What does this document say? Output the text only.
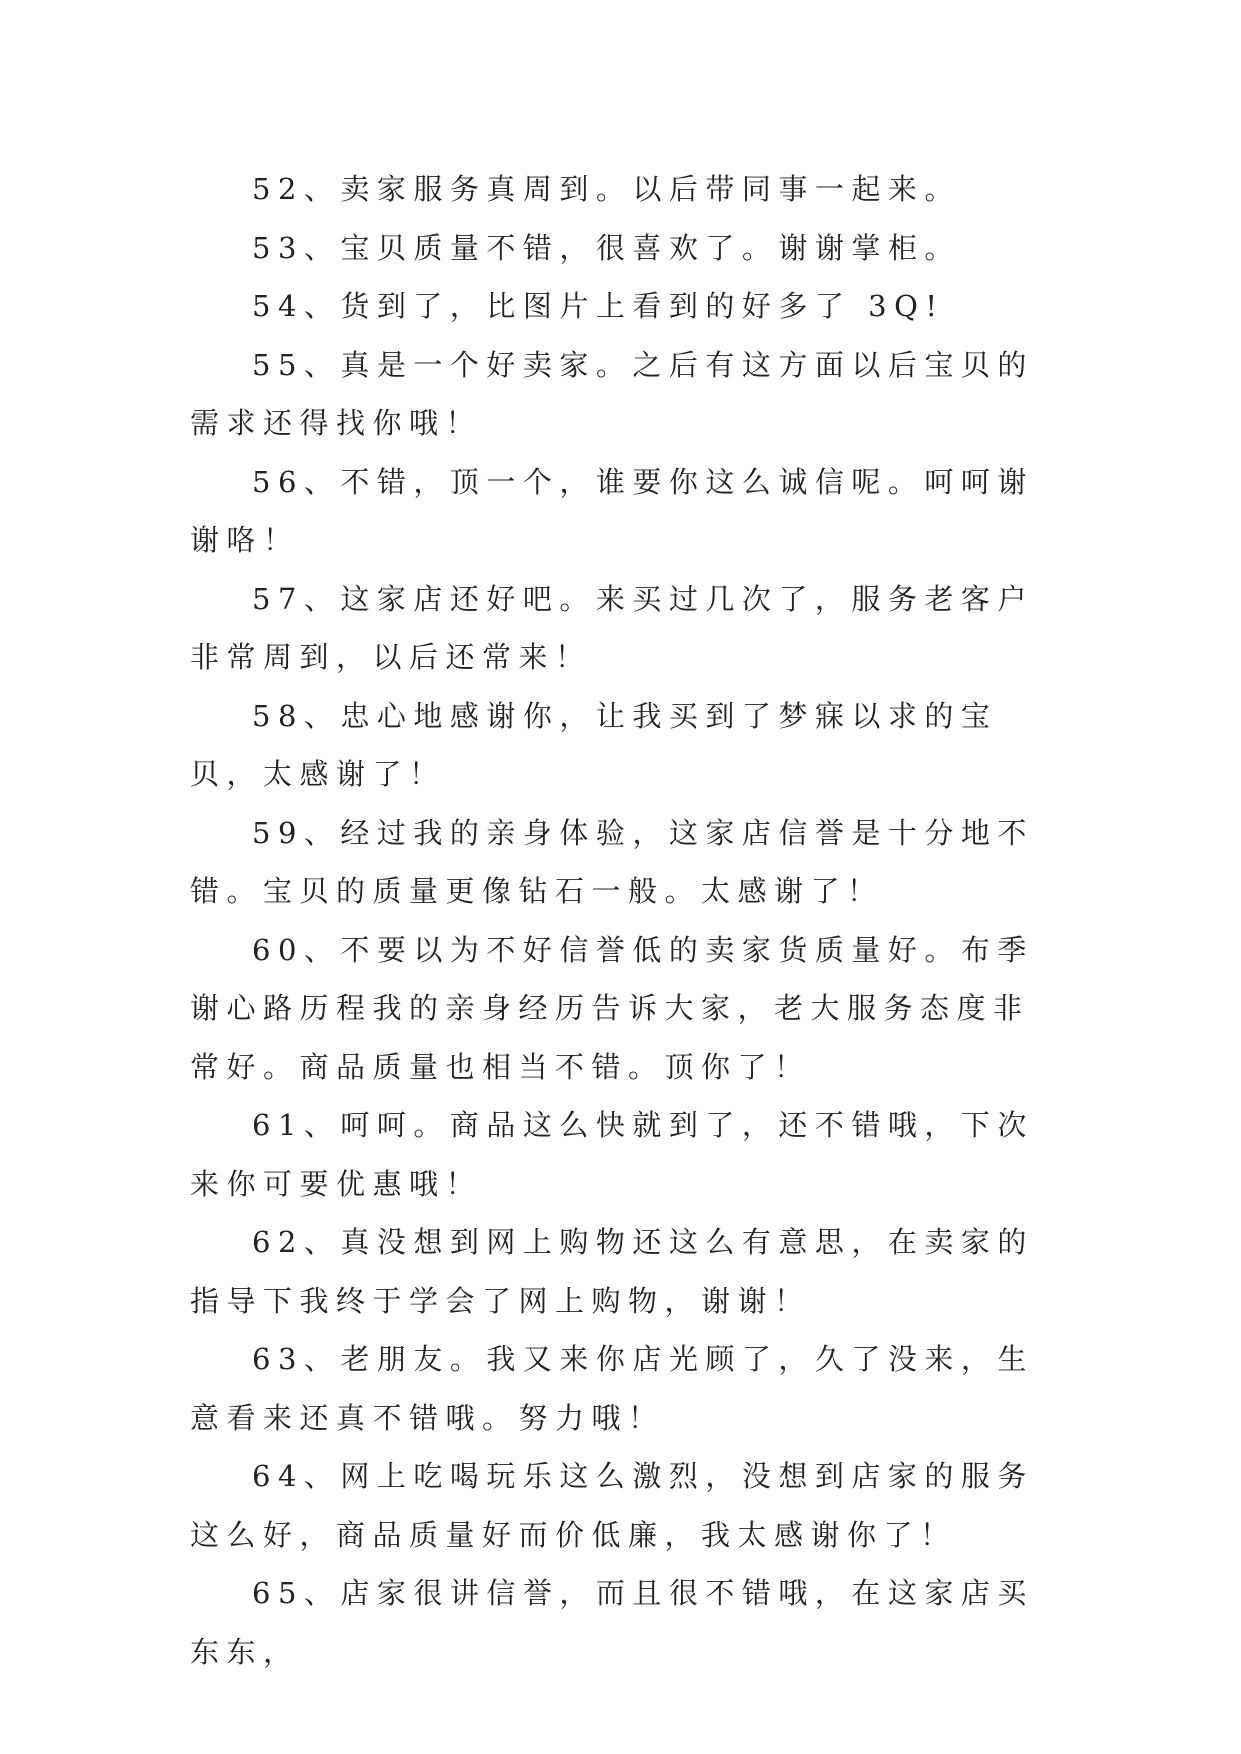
52、卖家服务真周到。以后带同事一起来。

53、宝贝质量不错，很喜欢了。谢谢掌柜。

54、货到了，比图片上看到的好多了 3Q!

55、真是一个好卖家。之后有这方面以后宝贝的需求还得找你哦！

56、不错，顶一个，谁要你这么诚信呢。呵呵谢谢咯！

57、这家店还好吧。来买过几次了，服务老客户非常周到，以后还常来！

58、忠心地感谢你，让我买到了梦寐以求的宝贝，太感谢了！

59、经过我的亲身体验，这家店信誉是十分地不错。宝贝的质量更像钻石一般。太感谢了！

60、不要以为不好信誉低的卖家货质量好。布季谢心路历程我的亲身经历告诉大家，老大服务态度非常好。商品质量也相当不错。顶你了！

61、呵呵。商品这么快就到了，还不错哦，下次来你可要优惠哦！

62、真没想到网上购物还这么有意思，在卖家的指导下我终于学会了网上购物，谢谢！

63、老朋友。我又来你店光顾了，久了没来，生意看来还真不错哦。努力哦！

64、网上吃喝玩乐这么激烈，没想到店家的服务这么好，商品质量好而价低廉，我太感谢你了！

65、店家很讲信誉，而且很不错哦，在这家店买东东，
